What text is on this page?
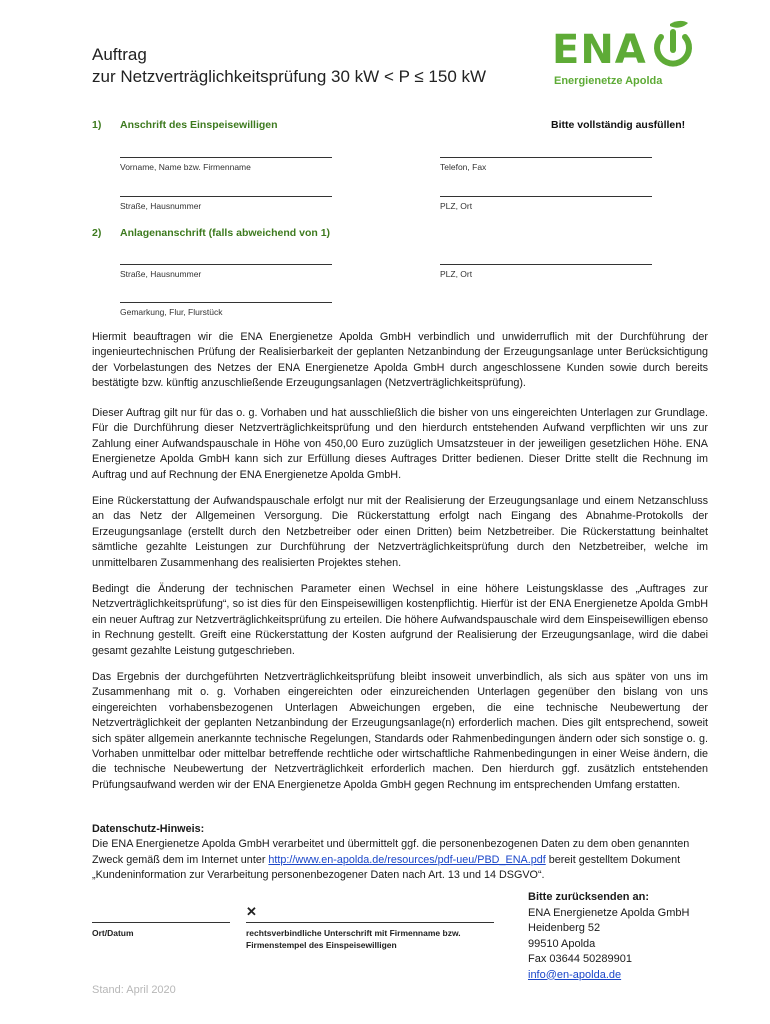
Auftrag
zur Netzverträglichkeitsprüfung 30 kW < P ≤ 150 kW
ENA
Energienetze Apolda
1) Anschrift des Einspeisewilligen	Bitte vollständig ausfüllen!
Vorname, Name bzw. Firmenname	Telefon, Fax
Straße, Hausnummer	PLZ, Ort
2) Anlagenanschrift (falls abweichend von 1)
Straße, Hausnummer	PLZ, Ort
Gemarkung, Flur, Flurstück
Hiermit beauftragen wir die ENA Energienetze Apolda GmbH verbindlich und unwiderruflich mit der Durchführung der ingenieurtechnischen Prüfung der Realisierbarkeit der geplanten Netzanbindung der Erzeugungsanlage unter Berücksichtigung der Vorbelastungen des Netzes der ENA Energienetze Apolda GmbH durch angeschlossene Kunden sowie durch bereits bestätigte bzw. künftig anzuschließende Erzeugungsanlagen (Netzverträglichkeitsprüfung).
Dieser Auftrag gilt nur für das o. g. Vorhaben und hat ausschließlich die bisher von uns eingereichten Unterlagen zur Grundlage. Für die Durchführung dieser Netzverträglichkeitsprüfung und den hierdurch entstehenden Aufwand verpflichten wir uns zur Zahlung einer Aufwandspauschale in Höhe von 450,00 Euro zuzüglich Umsatzsteuer in der jeweiligen gesetzlichen Höhe. ENA Energienetze Apolda GmbH kann sich zur Erfüllung dieses Auftrages Dritter bedienen. Dieser Dritte stellt die Rechnung im Auftrag und auf Rechnung der ENA Energienetze Apolda GmbH.
Eine Rückerstattung der Aufwandspauschale erfolgt nur mit der Realisierung der Erzeugungsanlage und einem Netzanschluss an das Netz der Allgemeinen Versorgung. Die Rückerstattung erfolgt nach Eingang des Abnahme-Protokolls der Erzeugungsanlage (erstellt durch den Netzbetreiber oder einen Dritten) beim Netzbetreiber. Die Rückerstattung beinhaltet sämtliche gezahlte Leistungen zur Durchführung der Netzverträglichkeitsprüfung durch den Netzbetreiber, welche im unmittelbaren Zusammenhang des realisierten Projektes stehen.
Bedingt die Änderung der technischen Parameter einen Wechsel in eine höhere Leistungsklasse des „Auftrages zur Netzverträglichkeitsprüfung“, so ist dies für den Einspeisewilligen kostenpflichtig. Hierfür ist der ENA Energienetze Apolda GmbH ein neuer Auftrag zur Netzverträglichkeitsprüfung zu erteilen. Die höhere Aufwandspauschale wird dem Einspeisewilligen ebenso in Rechnung gestellt. Greift eine Rückerstattung der Kosten aufgrund der Realisierung der Erzeugungsanlage, wird die dabei gesamt gezahlte Leistung gutgeschrieben.
Das Ergebnis der durchgeführten Netzverträglichkeitsprüfung bleibt insoweit unverbindlich, als sich aus später von uns im Zusammenhang mit o. g. Vorhaben eingereichten oder einzureichenden Unterlagen gegenüber den bislang von uns eingereichten vorhabensbezogenen Unterlagen Abweichungen ergeben, die eine technische Neubewertung der Netzverträglichkeit der geplanten Netzanbindung der Erzeugungsanlage(n) erforderlich machen. Dies gilt entsprechend, soweit sich später allgemein anerkannte technische Regelungen, Standards oder Rahmenbedingungen ändern oder sich sonstige o. g. Vorhaben unmittelbar oder mittelbar betreffende rechtliche oder wirtschaftliche Rahmenbedingungen in einer Weise ändern, die die technische Neubewertung der Netzverträglichkeit erforderlich machen. Den hierdurch ggf. zusätzlich entstehenden Prüfungsaufwand werden wir der ENA Energienetze Apolda GmbH gegen Rechnung im entsprechenden Umfang erstatten.
Datenschutz-Hinweis:
Die ENA Energienetze Apolda GmbH verarbeitet und übermittelt ggf. die personenbezogenen Daten zu dem oben genannten Zweck gemäß dem im Internet unter http://www.en-apolda.de/resources/pdf-ueu/PBD_ENA.pdf bereit gestelltem Dokument „Kundeninformation zur Verarbeitung personenbezogener Daten nach Art. 13 und 14 DSGVO“.
Ort/Datum
✕
rechtsverbindliche Unterschrift mit Firmenname bzw.
Firmenstempel des Einspeisewilligen
Bitte zurücksenden an:
ENA Energienetze Apolda GmbH
Heidenberg 52
99510 Apolda
Fax 03644 50289901
info@en-apolda.de
Stand: April 2020
